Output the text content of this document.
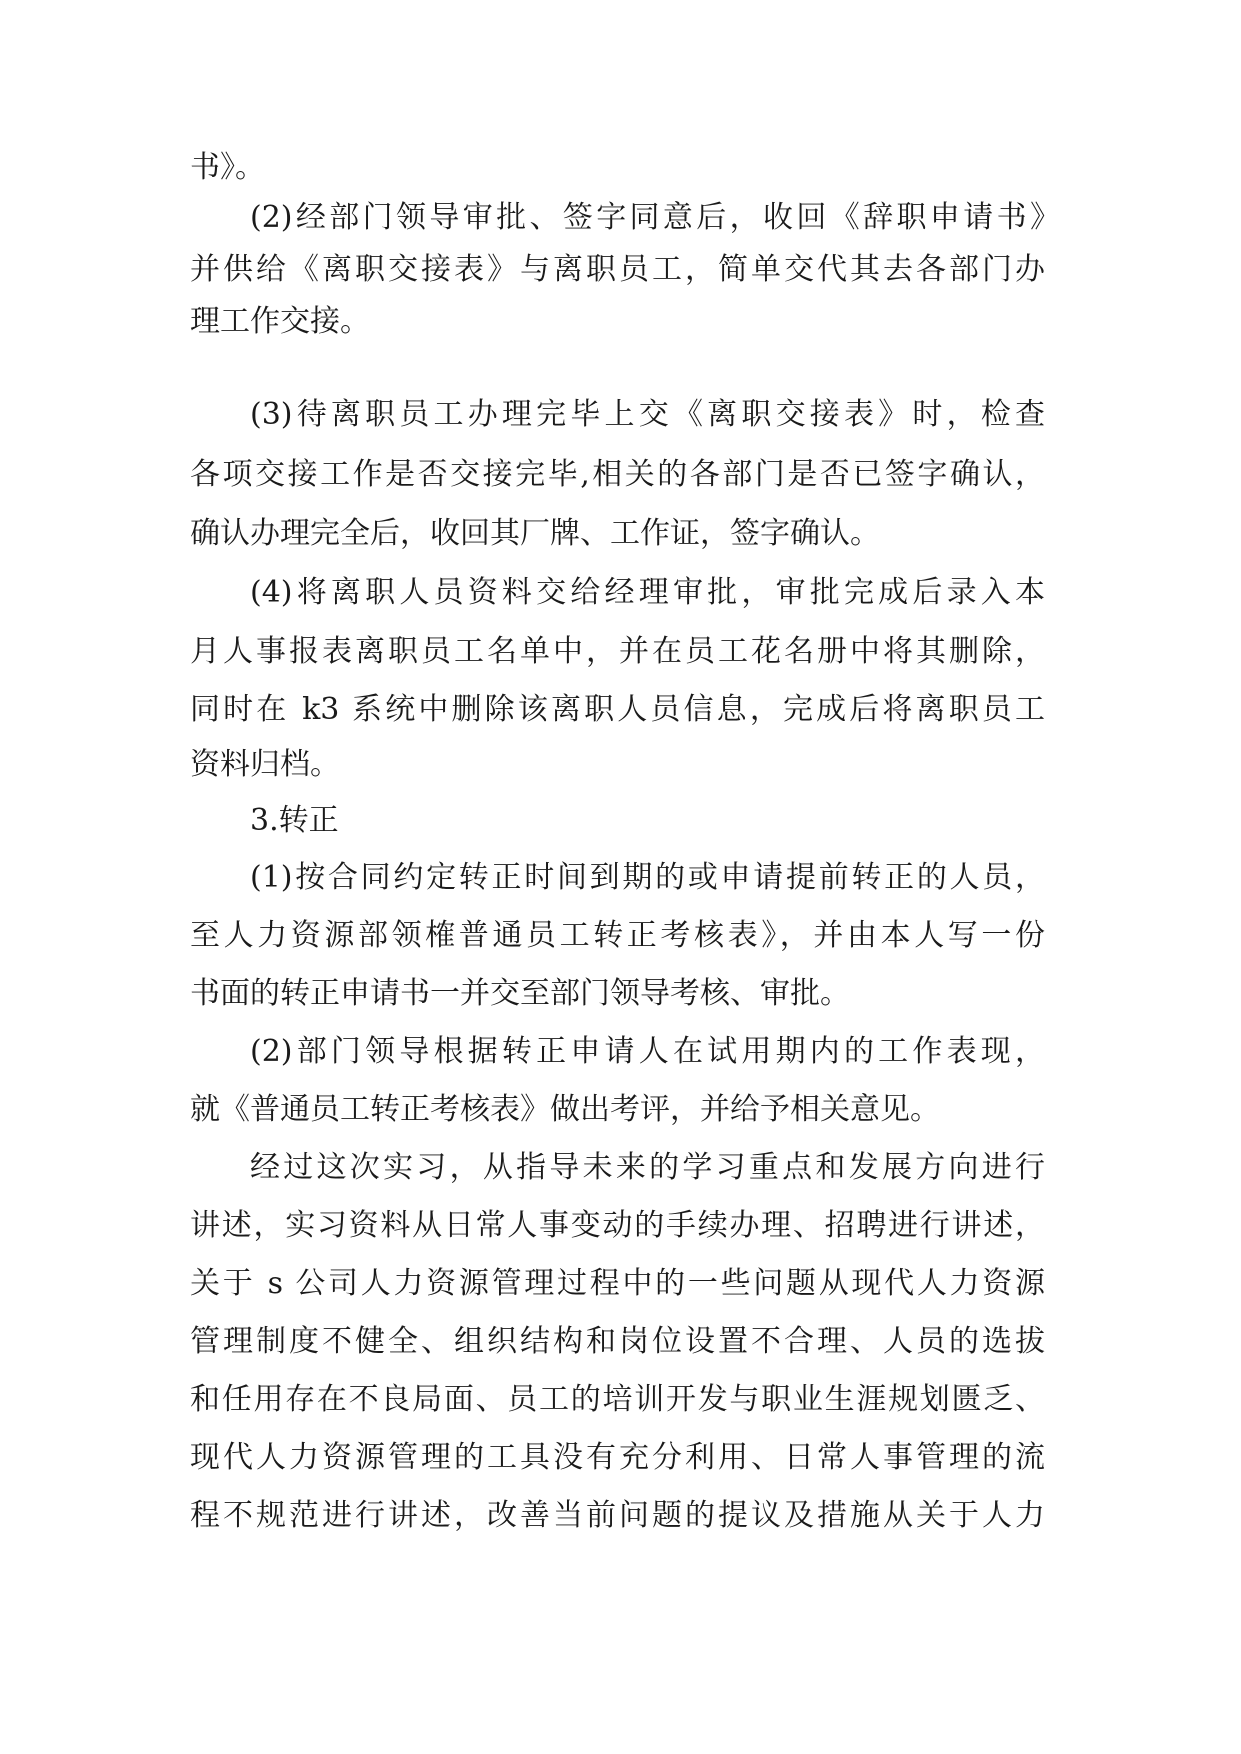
书》。
(2)经部门领导审批、签字同意后，收回《辞职申请书》
并供给《离职交接表》与离职员工，简单交代其去各部门办
理工作交接。
(3)待离职员工办理完毕上交《离职交接表》时，检查
各项交接工作是否交接完毕,相关的各部门是否已签字确认，
确认办理完全后，收回其厂牌、工作证，签字确认。
(4)将离职人员资料交给经理审批，审批完成后录入本
月人事报表离职员工名单中，并在员工花名册中将其删除，
同时在 k3 系统中删除该离职人员信息，完成后将离职员工
资料归档。
3.转正
(1)按合同约定转正时间到期的或申请提前转正的人员，
至人力资源部领榷普通员工转正考核表》，并由本人写一份
书面的转正申请书一并交至部门领导考核、审批。
(2)部门领导根据转正申请人在试用期内的工作表现，
就《普通员工转正考核表》做出考评，并给予相关意见。
经过这次实习，从指导未来的学习重点和发展方向进行
讲述，实习资料从日常人事变动的手续办理、招聘进行讲述，
关于 s 公司人力资源管理过程中的一些问题从现代人力资源
管理制度不健全、组织结构和岗位设置不合理、人员的选拔
和任用存在不良局面、员工的培训开发与职业生涯规划匮乏、
现代人力资源管理的工具没有充分利用、日常人事管理的流
程不规范进行讲述，改善当前问题的提议及措施从关于人力
